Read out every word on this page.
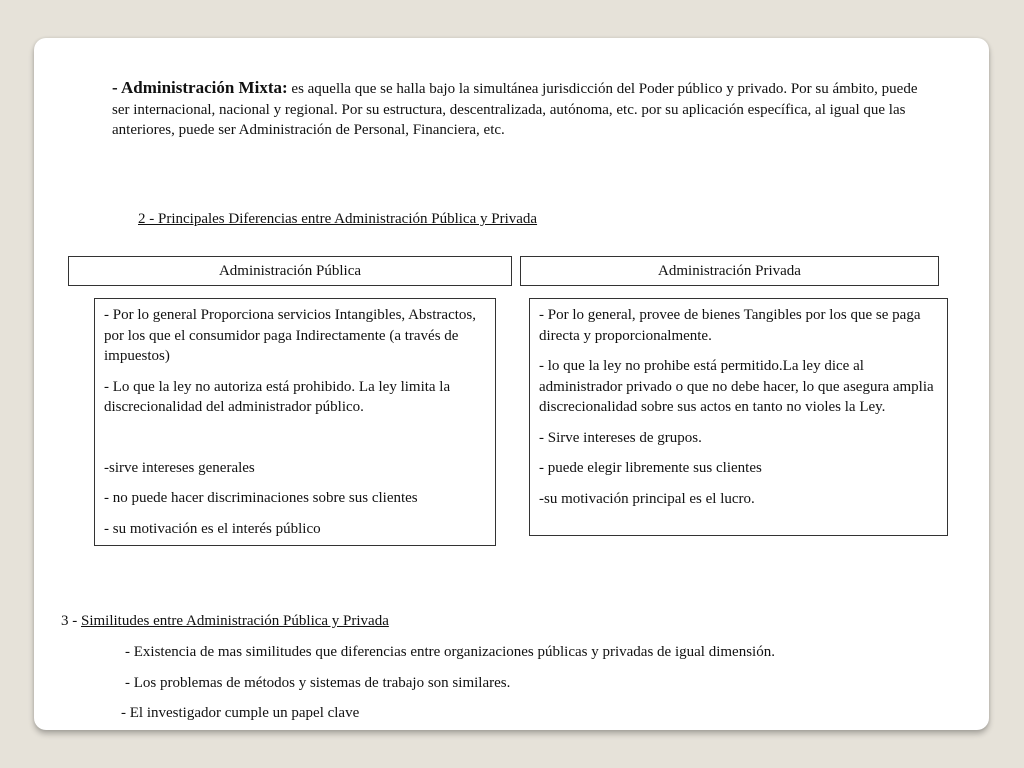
- Administración Mixta: es aquella que se halla bajo la simultánea jurisdicción del Poder público y privado. Por su ámbito, puede ser internacional, nacional y regional. Por su estructura, descentralizada, autónoma, etc. por su aplicación específica, al igual que las anteriores, puede ser Administración de Personal, Financiera, etc.
2 - Principales Diferencias entre Administración Pública y Privada
Administración Pública	Administración Privada

- Por lo general Proporciona servicios Intangibles, Abstractos, por los que el consumidor paga Indirectamente (a través de impuestos)

- Lo que la ley no autoriza está prohibido. La ley limita la discrecionalidad del administrador público.

-sirve intereses generales

- no puede hacer discriminaciones sobre sus clientes

- su motivación es el interés público

- Por lo general, provee de bienes Tangibles por los que se paga directa y proporcionalmente.

- lo que la ley no prohibe está permitido.La ley dice al administrador privado o que no debe hacer, lo que asegura amplia discrecionalidad sobre sus actos en tanto no violes la Ley.

- Sirve intereses de grupos.

- puede elegir libremente sus clientes

-su motivación principal es el lucro.

3 - Similitudes entre Administración Pública y Privada
- Existencia de mas similitudes que diferencias entre organizaciones públicas y privadas de igual dimensión.
- Los problemas de métodos y sistemas de trabajo son similares.
- El investigador cumple un papel clave
